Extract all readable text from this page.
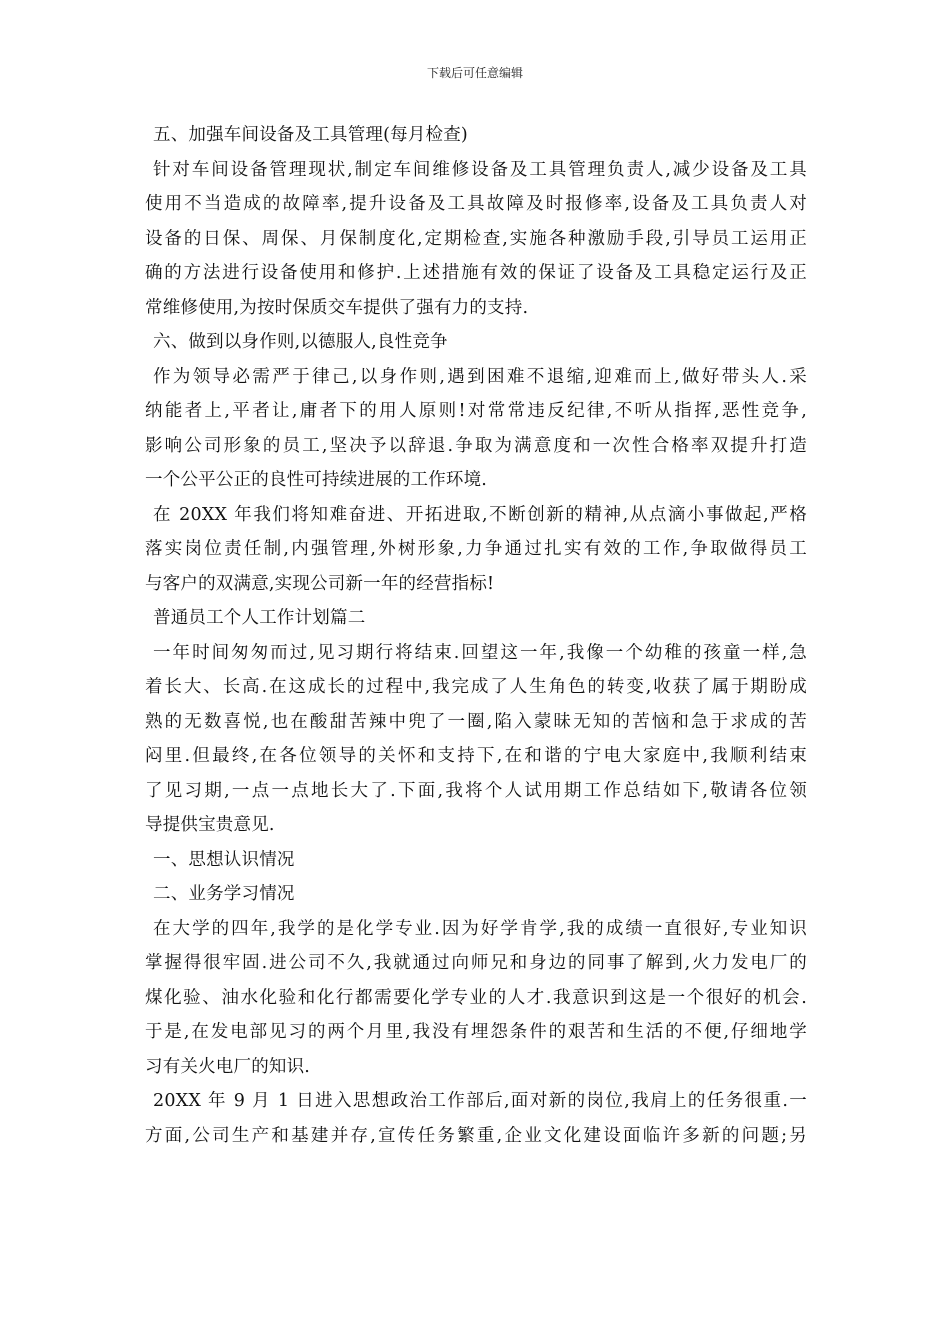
下载后可任意编辑
五、加强车间设备及工具管理(每月检查)
针对车间设备管理现状,制定车间维修设备及工具管理负责人,减少设备及工具
使用不当造成的故障率,提升设备及工具故障及时报修率,设备及工具负责人对
设备的日保、周保、月保制度化,定期检查,实施各种激励手段,引导员工运用正
确的方法进行设备使用和修护.上述措施有效的保证了设备及工具稳定运行及正
常维修使用,为按时保质交车提供了强有力的支持.
六、做到以身作则,以德服人,良性竞争
作为领导必需严于律己,以身作则,遇到困难不退缩,迎难而上,做好带头人.采
纳能者上,平者让,庸者下的用人原则!对常常违反纪律,不听从指挥,恶性竞争,
影响公司形象的员工,坚决予以辞退.争取为满意度和一次性合格率双提升打造
一个公平公正的良性可持续进展的工作环境.
在 20XX 年我们将知难奋进、开拓进取,不断创新的精神,从点滴小事做起,严格
落实岗位责任制,内强管理,外树形象,力争通过扎实有效的工作,争取做得员工
与客户的双满意,实现公司新一年的经营指标!
普通员工个人工作计划篇二
一年时间匆匆而过,见习期行将结束.回望这一年,我像一个幼稚的孩童一样,急
着长大、长高.在这成长的过程中,我完成了人生角色的转变,收获了属于期盼成
熟的无数喜悦,也在酸甜苦辣中兜了一圈,陷入蒙昧无知的苦恼和急于求成的苦
闷里.但最终,在各位领导的关怀和支持下,在和谐的宁电大家庭中,我顺利结束
了见习期,一点一点地长大了.下面,我将个人试用期工作总结如下,敬请各位领
导提供宝贵意见.
一、思想认识情况
二、业务学习情况
在大学的四年,我学的是化学专业.因为好学肯学,我的成绩一直很好,专业知识
掌握得很牢固.进公司不久,我就通过向师兄和身边的同事了解到,火力发电厂的
煤化验、油水化验和化行都需要化学专业的人才.我意识到这是一个很好的机会.
于是,在发电部见习的两个月里,我没有埋怨条件的艰苦和生活的不便,仔细地学
习有关火电厂的知识.
20XX 年 9 月 1 日进入思想政治工作部后,面对新的岗位,我肩上的任务很重.一
方面,公司生产和基建并存,宣传任务繁重,企业文化建设面临许多新的问题;另
